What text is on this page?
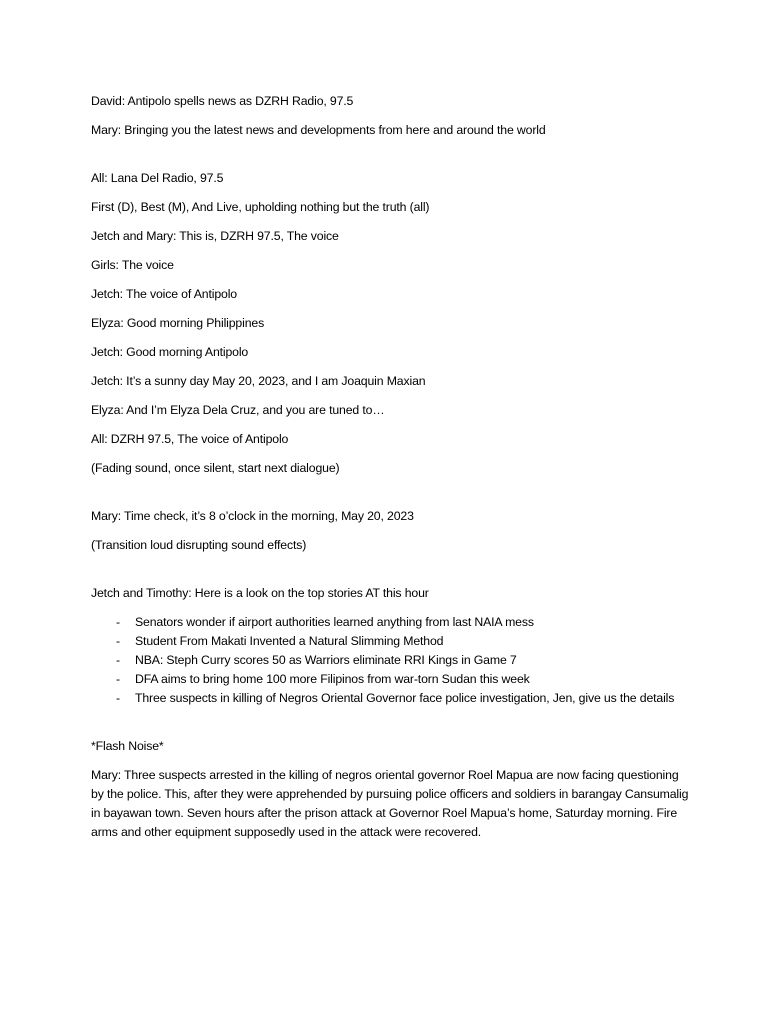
David: Antipolo spells news as DZRH Radio, 97.5

Mary: Bringing you the latest news and developments from here and around the world

All: Lana Del Radio, 97.5

First (D), Best (M), And Live, upholding nothing but the truth (all)

Jetch and Mary: This is, DZRH 97.5, The voice

Girls: The voice

Jetch: The voice of Antipolo

Elyza: Good morning Philippines

Jetch: Good morning Antipolo

Jetch: It’s a sunny day May 20, 2023, and I am Joaquin Maxian

Elyza: And I’m Elyza Dela Cruz, and you are tuned to…

All: DZRH 97.5, The voice of Antipolo

(Fading sound, once silent, start next dialogue)

Mary: Time check, it’s 8 o’clock in the morning, May 20, 2023

(Transition loud disrupting sound effects)

Jetch and Timothy: Here is a look on the top stories AT this hour

- Senators wonder if airport authorities learned anything from last NAIA mess
- Student From Makati Invented a Natural Slimming Method
- NBA: Steph Curry scores 50 as Warriors eliminate RRI Kings in Game 7
- DFA aims to bring home 100 more Filipinos from war-torn Sudan this week
- Three suspects in killing of Negros Oriental Governor face police investigation, Jen, give us the details

*Flash Noise*

Mary: Three suspects arrested in the killing of negros oriental governor Roel Mapua are now facing questioning by the police. This, after they were apprehended by pursuing police officers and soldiers in barangay Cansumalig in bayawan town. Seven hours after the prison attack at Governor Roel Mapua’s home, Saturday morning. Fire arms and other equipment supposedly used in the attack were recovered.
